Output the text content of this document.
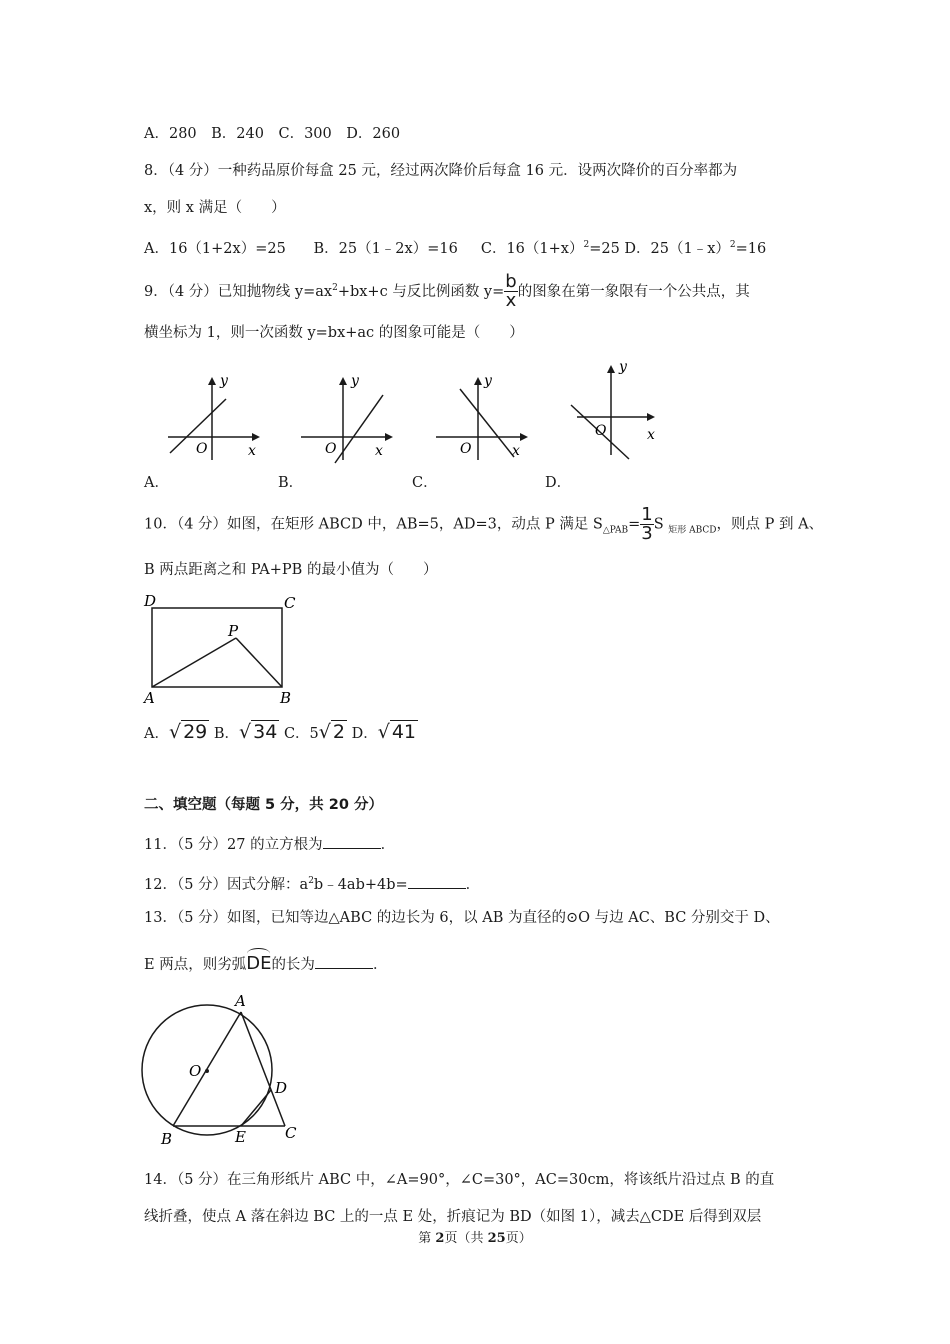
A．280　B．240　C．300　D．260
8．（4 分）一种药品原价每盒 25 元，经过两次降价后每盒 16 元．设两次降价的百分率都为
x，则 x 满足（　　）
A．16（1+2x）=25 B．25（1﹣2x）=16 C．$16(1+x)^2=25$ D．25（1﹣x）$^2$=16
9．（4 分）已知抛物线 $y=ax^2+bx+c$ 与反比例函数 $y= \frac{b}{x}$ 的图象在第一象限有一个公共点，其
横坐标为 1，则一次函数 y=bx+ac 的图象可能是（　　）
y
x
O
y
x
O
y
x
O
y
x
O
A．	B．	C．	D．
10．（4 分）如图，在矩形 ABCD 中，AB=5，AD=3，动点 P 满足 $S_{\triangle PAB}= \frac{1}{3}$ S $_{矩形 ABCD}$，则点 P 到 A、
B 两点距离之和 PA+PB 的最小值为（　　）
D	C
P
A	B
A．√ 29 B．√ 34 C．5√ 2 D．√ 41
二、填空题（每题 5 分，共 20 分）
11．（5 分）27 的立方根为	．
12．（5 分）因式分解：$a^2b﹣4ab+4b=$	．
13．（5 分）如图，已知等边△ABC 的边长为 6，以 AB 为直径的⊙O 与边 AC、BC 分别交于 D、
E 两点，则劣弧DE的长为	．
A
O
D
B	E	C
14．（5 分）在三角形纸片 ABC 中，∠A=90°，∠C=30°，AC=30cm，将该纸片沿过点 B 的直
线折叠，使点 A 落在斜边 BC 上的一点 E 处，折痕记为 BD（如图 1），减去△CDE 后得到双层
第 2页（共 25页）
